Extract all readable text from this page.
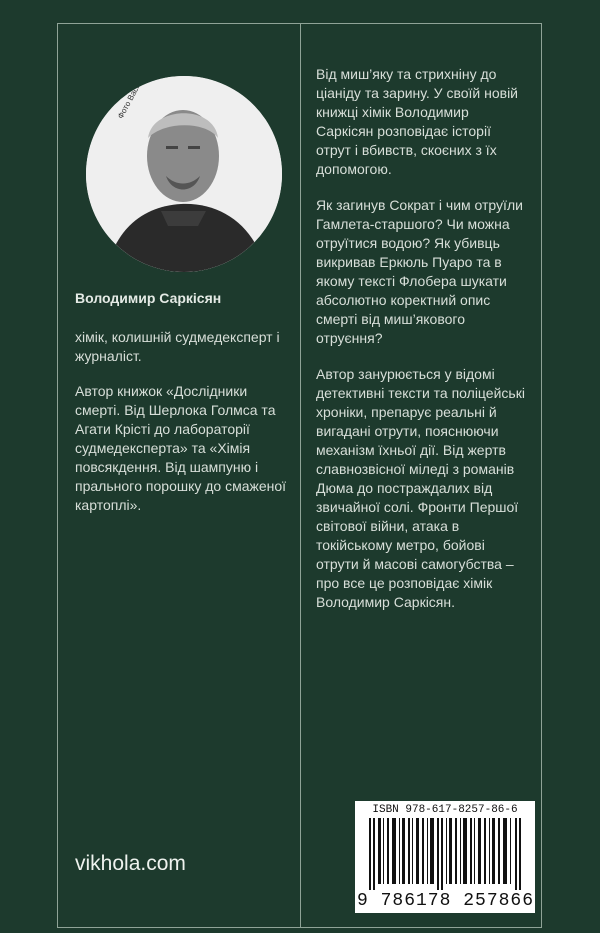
Володимир Саркісян

хімік, колишній судмедексперт і журналіст.

Автор книжок «Дослідники смерті. Від Шерлока Голмса та Агати Крісті до лабораторії судмедексперта» та «Хімія повсякдення. Від шампуню і пральногo порошку до смаженої картоплі».

vikhola.com

Від миш’яку та стрихніну до ціаніду та зарину. У своїй новій книжці хімік Володимир Саркісян розповідає історії отрут і вбивств, скоєних з їх допомогою.

Як загинув Сократ і чим отруїли Гамлета-старшого? Чи можна отруїтися водою? Як убивць викривав Еркюль Пуаро та в якому тексті Флобера шукати абсолютно коректний опис смерті від миш’якового отруєння?

Автор занурюється у відомі детективні тексти та поліцейські хроніки, препарує реальні й вигадані отрути, пояснюючи механізм їхньої дії. Від жертв славнозвісної міледі з романів Дюма до постраждалих від звичайної солі. Фронти Першої світової війни, атака в токійському метро, бойові отрути й масові самогубства – про все це розповідає хімік Володимир Саркісян.

ISBN 978-617-8257-86-6
9 786178 257866
